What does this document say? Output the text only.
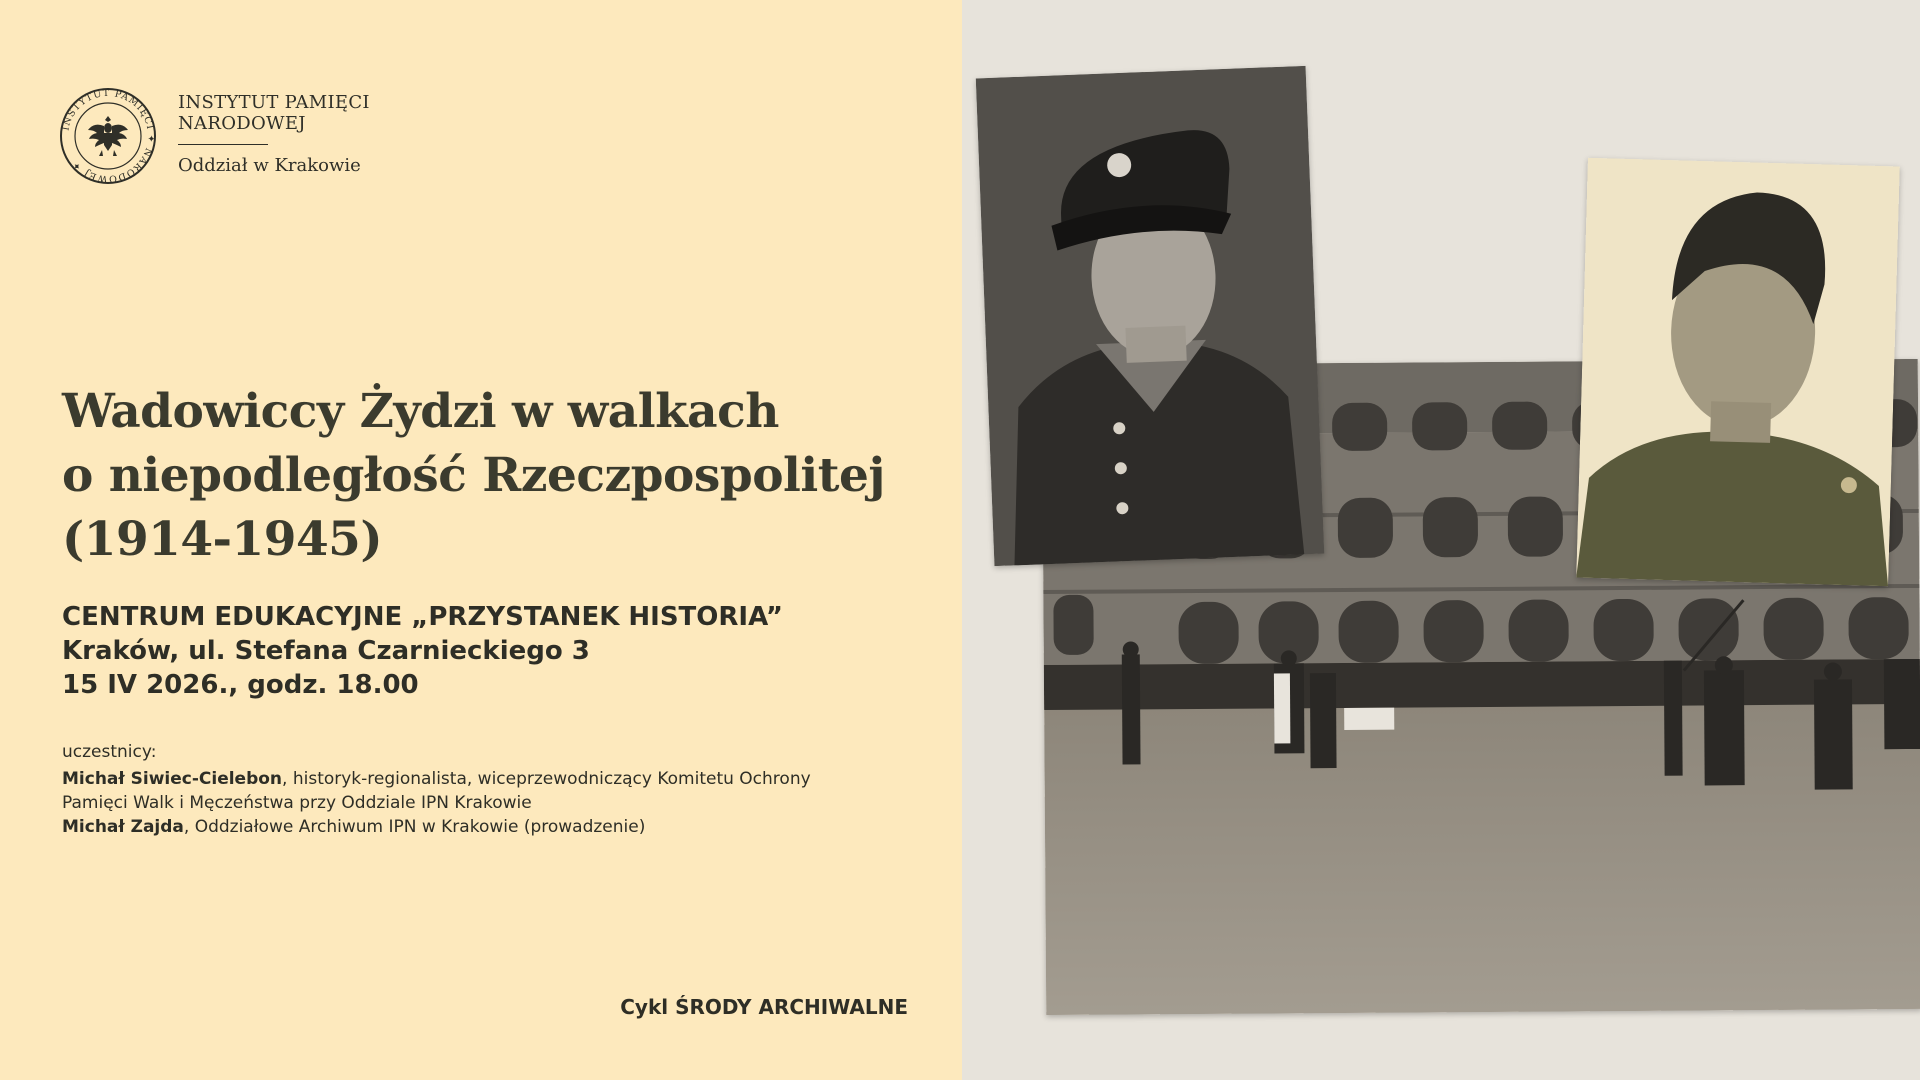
INSTYTUT PAMIĘCI ✦ NARODOWEJ ✦
INSTYTUT PAMIĘCI
NARODOWEJ
Oddział w Krakowie
Wadowiccy Żydzi w walkach
o niepodległość Rzeczpospolitej
(1914-1945)
CENTRUM EDUKACYJNE „PRZYSTANEK HISTORIA”
Kraków, ul. Stefana Czarnieckiego 3
15 IV 2026., godz. 18.00

uczestnicy:

Michał Siwiec-Cielebon, historyk-regionalista, wiceprzewodniczący Komitetu Ochrony

Pamięci Walk i Męczeństwa przy Oddziale IPN Krakowie

Michał Zajda, Oddziałowe Archiwum IPN w Krakowie (prowadzenie)

Cykl ŚRODY ARCHIWALNE
